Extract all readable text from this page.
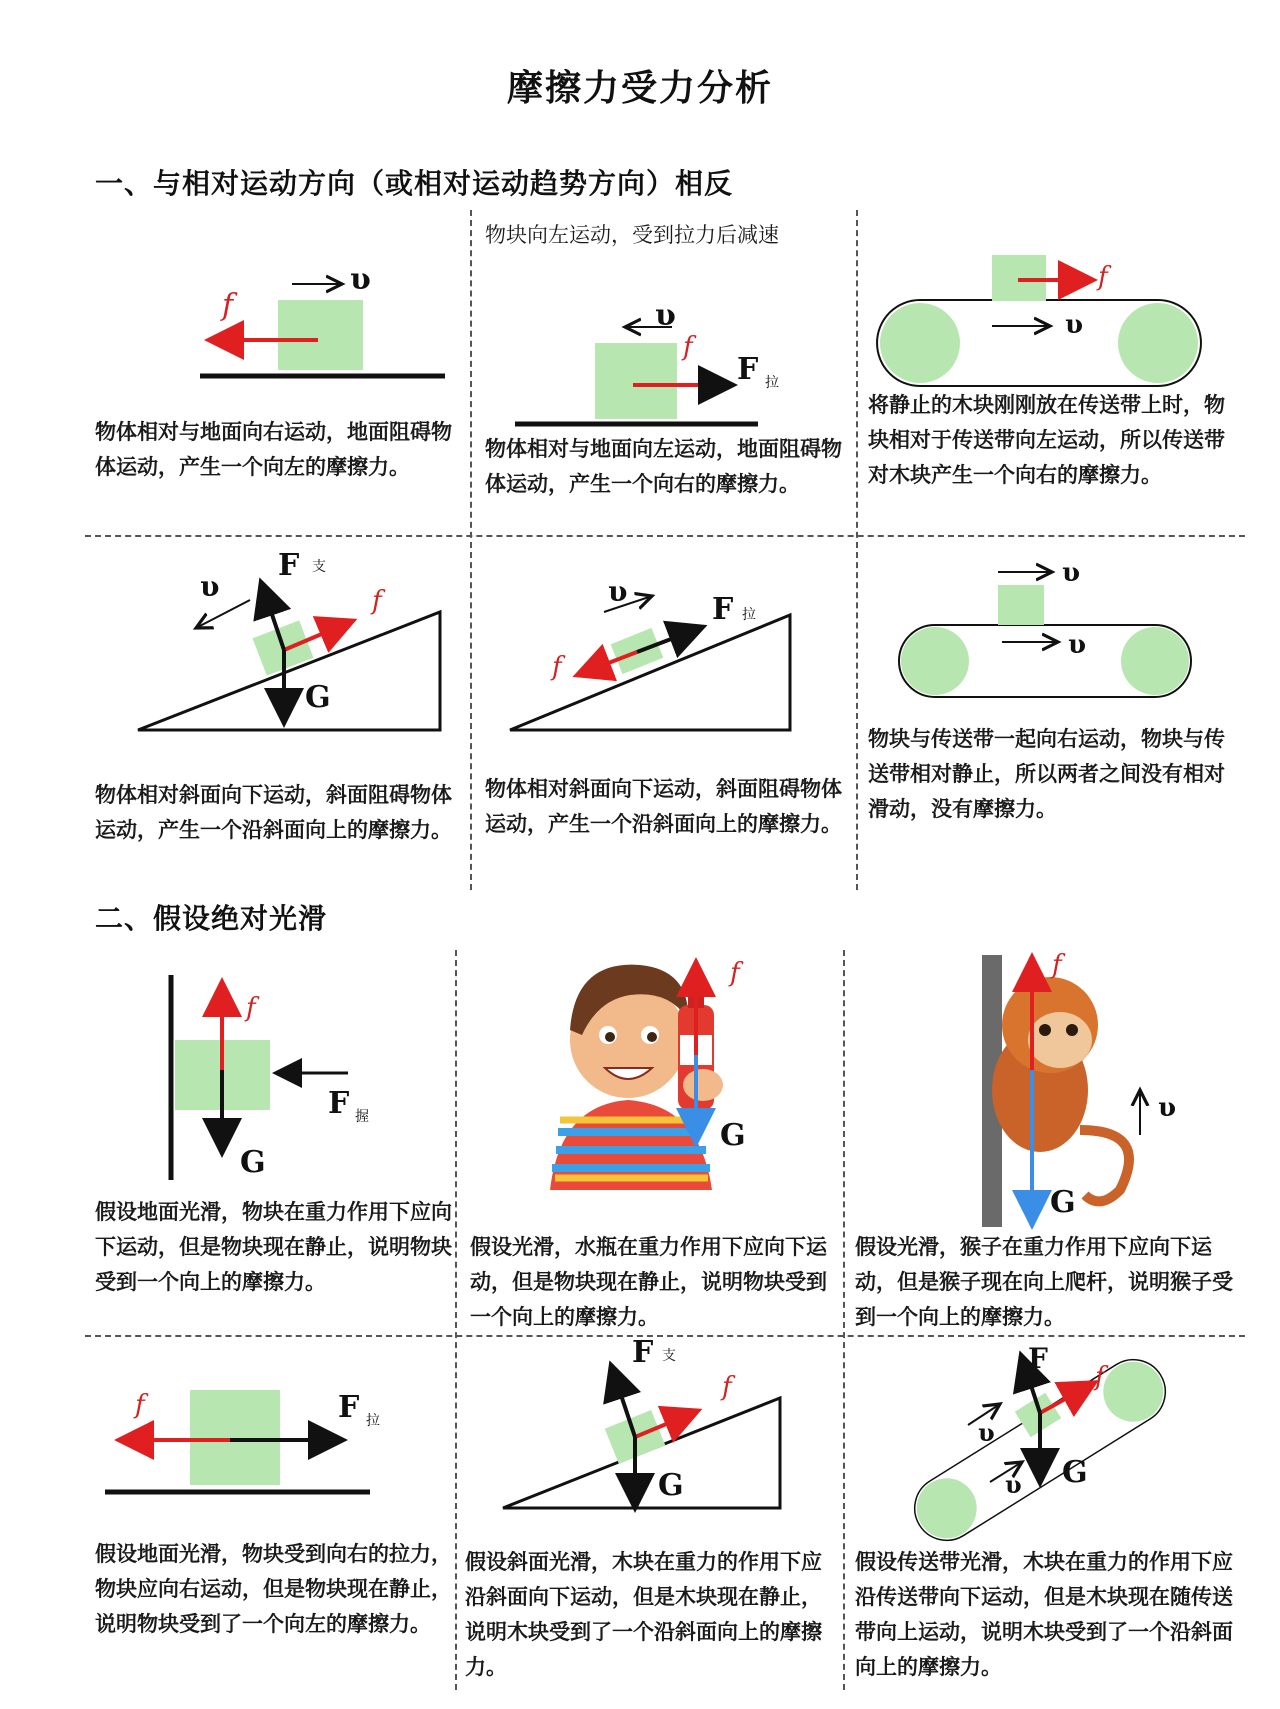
摩擦力受力分析
一、与相对运动方向（或相对运动趋势方向）相反
f
υ
物体相对与地面向右运动，地面阻碍物体运动，产生一个向左的摩擦力。
物块向左运动，受到拉力后减速
υ
f
F 拉
物体相对与地面向左运动，地面阻碍物体运动，产生一个向右的摩擦力。
f
υ
将静止的木块刚刚放在传送带上时，物块相对于传送带向左运动，所以传送带对木块产生一个向右的摩擦力。
υ
F 支
f
G
物体相对斜面向下运动，斜面阻碍物体运动，产生一个沿斜面向上的摩擦力。
υ
F 拉
f
物体相对斜面向下运动，斜面阻碍物体运动，产生一个沿斜面向上的摩擦力。
υ
υ
物块与传送带一起向右运动，物块与传送带相对静止，所以两者之间没有相对滑动，没有摩擦力。
二、假设绝对光滑
f
F 握
G
假设地面光滑，物块在重力作用下应向下运动，但是物块现在静止，说明物块受到一个向上的摩擦力。
f
G
假设光滑，水瓶在重力作用下应向下运动，但是物块现在静止，说明物块受到一个向上的摩擦力。
f
υ
G
假设光滑，猴子在重力作用下应向下运动，但是猴子现在向上爬杆，说明猴子受到一个向上的摩擦力。
f	F 拉
假设地面光滑，物块受到向右的拉力，物块应向右运动，但是物块现在静止，说明物块受到了一个向左的摩擦力。
F 支
f
G
假设斜面光滑，木块在重力的作用下应沿斜面向下运动，但是木块现在静止，说明木块受到了一个沿斜面向上的摩擦力。
F
f
υ
υ G
假设传送带光滑，木块在重力的作用下应沿传送带向下运动，但是木块现在随传送带向上运动，说明木块受到了一个沿斜面向上的摩擦力。
